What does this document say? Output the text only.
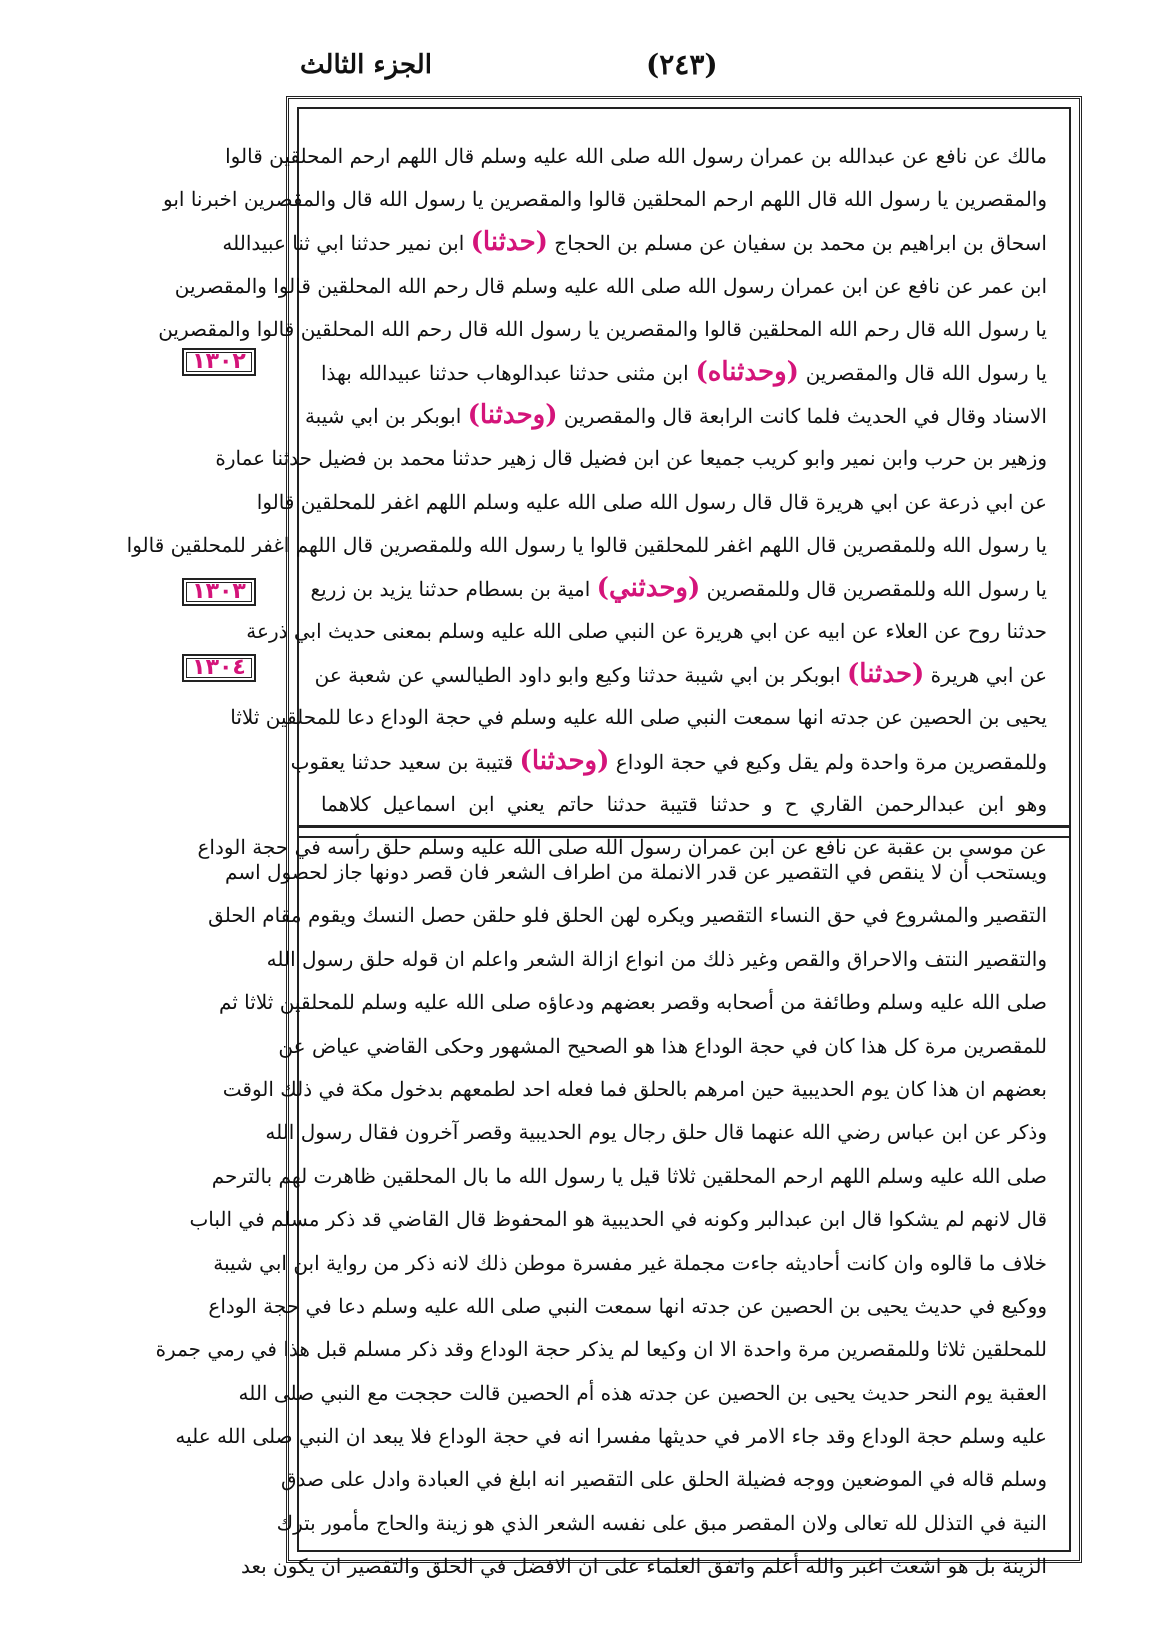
الجزء الثالث	(٢٤٣)
١٣٠٢
١٣٠٣
١٣٠٤
مالك عن نافع عن عبدالله بن عمران رسول الله صلى الله عليه وسلم قال اللهم ارحم المحلقين قالوا
والمقصرين يا رسول الله قال اللهم ارحم المحلقين قالوا والمقصرين يا رسول الله قال والمقصرين اخبرنا ابو
اسحاق بن ابراهيم بن محمد بن سفيان عن مسلم بن الحجاج (حدثنا) ابن نمير حدثنا ابي ثنا عبيدالله
ابن عمر عن نافع عن ابن عمران رسول الله صلى الله عليه وسلم قال رحم الله المحلقين قالوا والمقصرين
يا رسول الله قال رحم الله المحلقين قالوا والمقصرين يا رسول الله قال رحم الله المحلقين قالوا والمقصرين
يا رسول الله قال والمقصرين (وحدثناه) ابن مثنى حدثنا عبدالوهاب حدثنا عبيدالله بهذا
الاسناد وقال في الحديث فلما كانت الرابعة قال والمقصرين (وحدثنا) ابوبكر بن ابي شيبة
وزهير بن حرب وابن نمير وابو كريب جميعا عن ابن فضيل قال زهير حدثنا محمد بن فضيل حدثنا عمارة
عن ابي ذرعة عن ابي هريرة قال قال رسول الله صلى الله عليه وسلم اللهم اغفر للمحلقين قالوا
يا رسول الله وللمقصرين قال اللهم اغفر للمحلقين قالوا يا رسول الله وللمقصرين قال اللهم اغفر للمحلقين قالوا
يا رسول الله وللمقصرين قال وللمقصرين (وحدثني) امية بن بسطام حدثنا يزيد بن زريع
حدثنا روح عن العلاء عن ابيه عن ابي هريرة عن النبي صلى الله عليه وسلم بمعنى حديث ابي ذرعة
عن ابي هريرة (حدثنا) ابوبكر بن ابي شيبة حدثنا وكيع وابو داود الطيالسي عن شعبة عن
يحيى بن الحصين عن جدته انها سمعت النبي صلى الله عليه وسلم في حجة الوداع دعا للمحلقين ثلاثا
وللمقصرين مرة واحدة ولم يقل وكيع في حجة الوداع (وحدثنا) قتيبة بن سعيد حدثنا يعقوب
وهو ابن عبدالرحمن القاري ح و حدثنا قتيبة حدثنا حاتم يعني ابن اسماعيل كلاهما
عن موسى بن عقبة عن نافع عن ابن عمران رسول الله صلى الله عليه وسلم حلق رأسه في حجة الوداع
ويستحب أن لا ينقص في التقصير عن قدر الانملة من اطراف الشعر فان قصر دونها جاز لحصول اسم
التقصير والمشروع في حق النساء التقصير ويكره لهن الحلق فلو حلقن حصل النسك ويقوم مقام الحلق
والتقصير النتف والاحراق والقص وغير ذلك من انواع ازالة الشعر واعلم ان قوله حلق رسول الله
صلى الله عليه وسلم وطائفة من أصحابه وقصر بعضهم ودعاؤه صلى الله عليه وسلم للمحلقين ثلاثا ثم
للمقصرين مرة كل هذا كان في حجة الوداع هذا هو الصحيح المشهور وحكى القاضي عياض عن
بعضهم ان هذا كان يوم الحديبية حين امرهم بالحلق فما فعله احد لطمعهم بدخول مكة في ذلك الوقت
وذكر عن ابن عباس رضي الله عنهما قال حلق رجال يوم الحديبية وقصر آخرون فقال رسول الله
صلى الله عليه وسلم اللهم ارحم المحلقين ثلاثا قيل يا رسول الله ما بال المحلقين ظاهرت لهم بالترحم
قال لانهم لم يشكوا قال ابن عبدالبر وكونه في الحديبية هو المحفوظ قال القاضي قد ذكر مسلم في الباب
خلاف ما قالوه وان كانت أحاديثه جاءت مجملة غير مفسرة موطن ذلك لانه ذكر من رواية ابن ابي شيبة
ووكيع في حديث يحيى بن الحصين عن جدته انها سمعت النبي صلى الله عليه وسلم دعا في حجة الوداع
للمحلقين ثلاثا وللمقصرين مرة واحدة الا ان وكيعا لم يذكر حجة الوداع وقد ذكر مسلم قبل هذا في رمي جمرة
العقبة يوم النحر حديث يحيى بن الحصين عن جدته هذه أم الحصين قالت حججت مع النبي صلى الله
عليه وسلم حجة الوداع وقد جاء الامر في حديثها مفسرا انه في حجة الوداع فلا يبعد ان النبي صلى الله عليه
وسلم قاله في الموضعين ووجه فضيلة الحلق على التقصير انه ابلغ في العبادة وادل على صدق
النية في التذلل لله تعالى ولان المقصر مبق على نفسه الشعر الذي هو زينة والحاج مأمور بترك
الزينة بل هو اشعث اغبر والله أعلم واتفق العلماء على ان الافضل في الحلق والتقصير ان يكون بعد
